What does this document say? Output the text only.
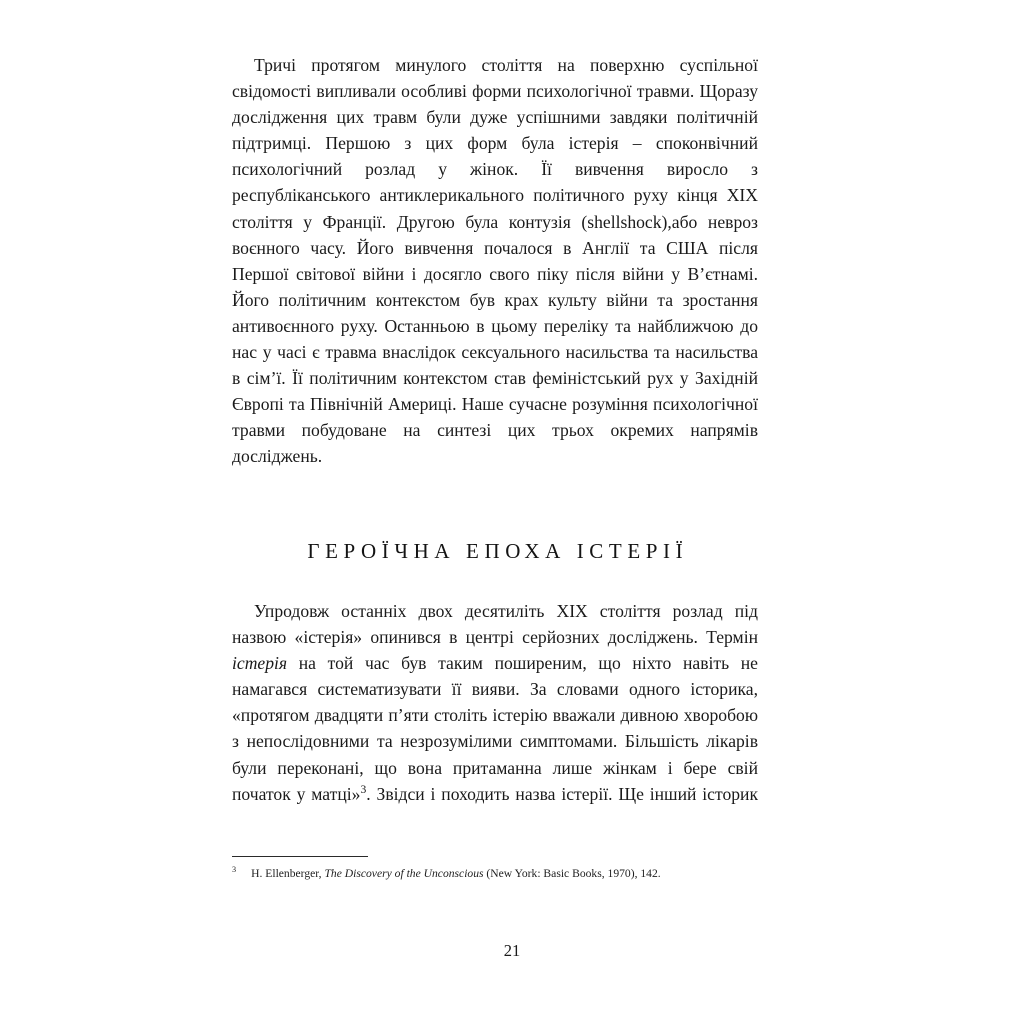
Тричі протягом минулого століття на поверхню суспільної свідомості випливали особливі форми психологічної травми. Щоразу дослідження цих травм були дуже успішними завдяки політичній підтримці. Першою з цих форм була істерія – споконвічний психологічний розлад у жінок. Її вивчення виросло з республіканського антиклерикального політичного руху кінця XIX століття у Франції. Другою була контузія (shellshock),або невроз воєнного часу. Його вивчення почалося в Англії та США після Першої світової війни і досягло свого піку після війни у В’єтнамі. Його політичним контекстом був крах культу війни та зростання антивоєнного руху. Останньою в цьому переліку та найближчою до нас у часі є травма внаслідок сексуального насильства та насильства в сім’ї. Її політичним контекстом став феміністський рух у Західній Європі та Північній Америці. Наше сучасне розуміння психологічної травми побудоване на синтезі цих трьох окремих напрямів досліджень.

ГЕРОЇЧНА ЕПОХА ІСТЕРІЇ

Упродовж останніх двох десятиліть XIX століття розлад під назвою «істерія» опинився в центрі серйозних досліджень. Термін істерія на той час був таким поширеним, що ніхто навіть не намагався систематизувати її вияви. За словами одного історика, «протягом двадцяти п’яти століть істерію вважали дивною хворобою з непослідовними та незрозумілими симптомами. Більшість лікарів були переконані, що вона притаманна лише жінкам і бере свій початок у матці»$^3$. Звідси і походить назва істерії. Ще інший історик

$^3$ H. Ellenberger, The Discovery of the Unconscious (New York: Basic Books, 1970), 142.
21
